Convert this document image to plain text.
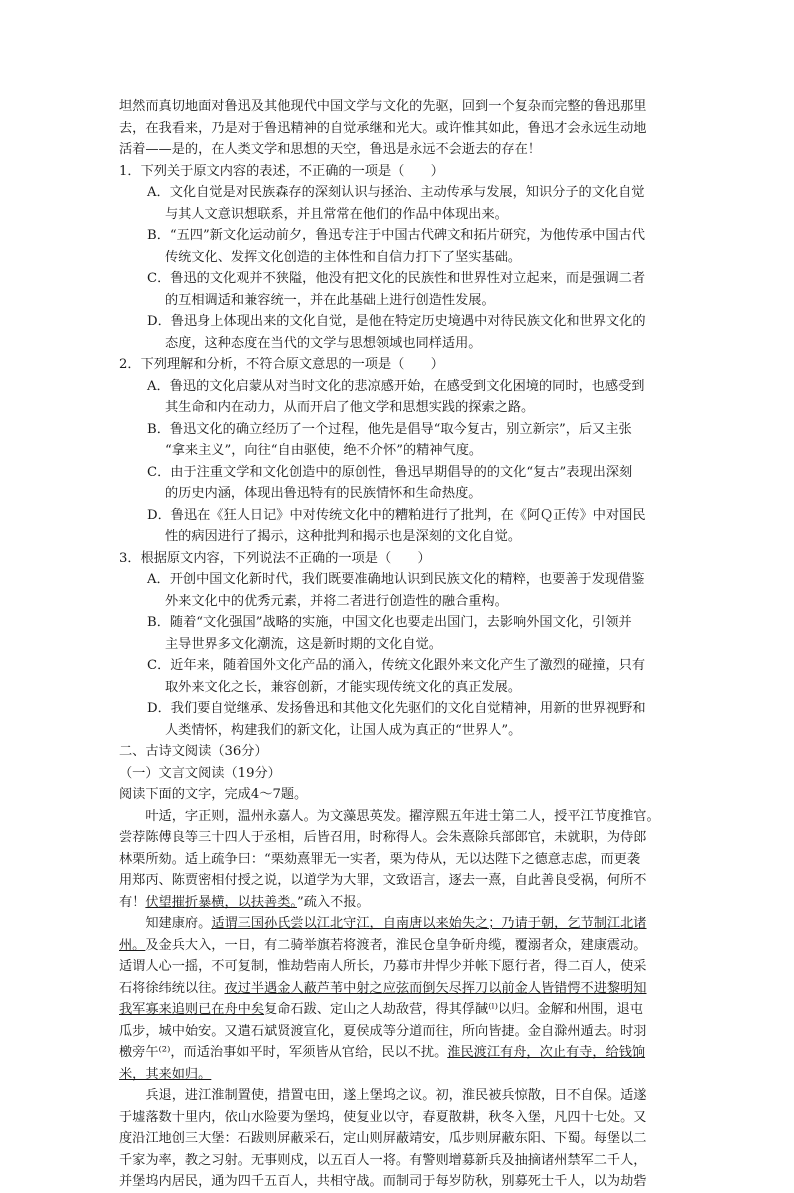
坦然而真切地面对鲁迅及其他现代中国文学与文化的先驱，回到一个复杂而完整的鲁迅那里

去，在我看来，乃是对于鲁迅精神的自觉承继和光大。或许惟其如此，鲁迅才会永远生动地

活着——是的，在人类文学和思想的天空，鲁迅是永远不会逝去的存在！

1．下列关于原文内容的表述，不正确的一项是（　　）

A．文化自觉是对民族森存的深刻认识与拯治、主动传承与发展，知识分子的文化自觉

与其人文意识想联系，并且常常在他们的作品中体现出来。

B．“五四”新文化运动前夕，鲁迅专注于中国古代碑文和拓片研究，为他传承中国古代

传统文化、发挥文化创造的主体性和自信力打下了坚实基础。

C．鲁迅的文化观并不狭隘，他没有把文化的民族性和世界性对立起来，而是强调二者

的互相调适和兼容统一，并在此基础上进行创造性发展。

D．鲁迅身上体现出来的文化自觉，是他在特定历史境遇中对待民族文化和世界文化的

态度，这种态度在当代的文学与思想领域也同样适用。

2．下列理解和分析，不符合原文意思的一项是（　　）

A．鲁迅的文化启蒙从对当时文化的悲凉感开始，在感受到文化困境的同时，也感受到

其生命和内在动力，从而开启了他文学和思想实践的探索之路。

B．鲁迅文化的确立经历了一个过程，他先是倡导“取今复古，别立新宗”，后又主张

“拿来主义”，向往“自由驱使，绝不介怀”的精神气度。

C．由于注重文学和文化创造中的原创性，鲁迅早期倡导的的文化“复古”表现出深刻

的历史内涵，体现出鲁迅特有的民族情怀和生命热度。

D．鲁迅在《狂人日记》中对传统文化中的糟粕进行了批判，在《阿Ｑ正传》中对国民

性的病因进行了揭示，这种批判和揭示也是深刻的文化自觉。

3．根据原文内容，下列说法不正确的一项是（　　）

A．开创中国文化新时代，我们既要准确地认识到民族文化的精粹，也要善于发现借鉴

外来文化中的优秀元素，并将二者进行创造性的融合重构。

B．随着“文化强国”战略的实施，中国文化也要走出国门，去影响外国文化，引领并

主导世界多文化潮流，这是新时期的文化自觉。

C．近年来，随着国外文化产品的涌入，传统文化跟外来文化产生了激烈的碰撞，只有

取外来文化之长，兼容创新，才能实现传统文化的真正发展。

D．我们要自觉继承、发扬鲁迅和其他文化先驱们的文化自觉精神，用新的世界视野和

人类情怀，构建我们的新文化，让国人成为真正的“世界人”。

二、古诗文阅读（36分）

（一）文言文阅读（19分）

阅读下面的文字，完成4～7题。

　　叶适，字正则，温州永嘉人。为文藻思英发。擢淳熙五年进士第二人，授平江节度推官。

尝荐陈傅良等三十四人于丞相，后皆召用，时称得人。会朱熹除兵部郎官，未就职，为侍郎

林栗所劾。适上疏争曰：“栗劾熹罪无一实者，栗为侍从，无以达陛下之德意志虑，而更袭

用郑丙、陈贾密相付授之说，以道学为大罪，文致语言，逐去一熹，自此善良受祸，何所不

有！伏望摧折暴横，以扶善类。”疏入不报。

　　知建康府。适谓三国孙氏尝以江北守江，自南唐以来始失之；乃请于朝，乞节制江北诸

州。及金兵大入，一日，有二骑举旗若将渡者，淮民仓皇争斫舟缆，覆溺者众，建康震动。

适谓人心一摇，不可复制，惟劫砦南人所长，乃募市井悍少并帐下愿行者，得二百人，使采

石将徐纬统以往。夜过半遇金人蔽芦苇中射之应弦而倒矢尽挥刀以前金人皆错愕不进黎明知

我军寡来追则已在舟中矣复命石跋、定山之人劫敌营，得其俘馘⁽ˡ⁾以归。金解和州围，退屯

瓜步，城中始安。又遣石斌贤渡宣化，夏侯成等分道而往，所向皆捷。金自滁州遁去。时羽

檄旁午⁽²⁾，而适治事如平时，军须皆从官给，民以不扰。淮民渡江有舟，次止有寺，给钱饷

米，其来如归。

　　兵退，进江淮制置使，措置屯田，遂上堡坞之议。初，淮民被兵惊散，日不自保。适遂

于墟落数十里内，依山水险要为堡坞，使复业以守，春夏散耕，秋冬入堡，凡四十七处。又

度沿江地创三大堡：石跋则屏蔽采石，定山则屏蔽靖安，瓜步则屏蔽东阳、下蜀。每堡以二

千家为率，教之习射。无事则戍，以五百人一将。有警则增募新兵及抽摘诸州禁军二千人，

并堡坞内居民，通为四千五百人，共相守战。而制司于每岁防秋，别募死士千人，以为劫砦
